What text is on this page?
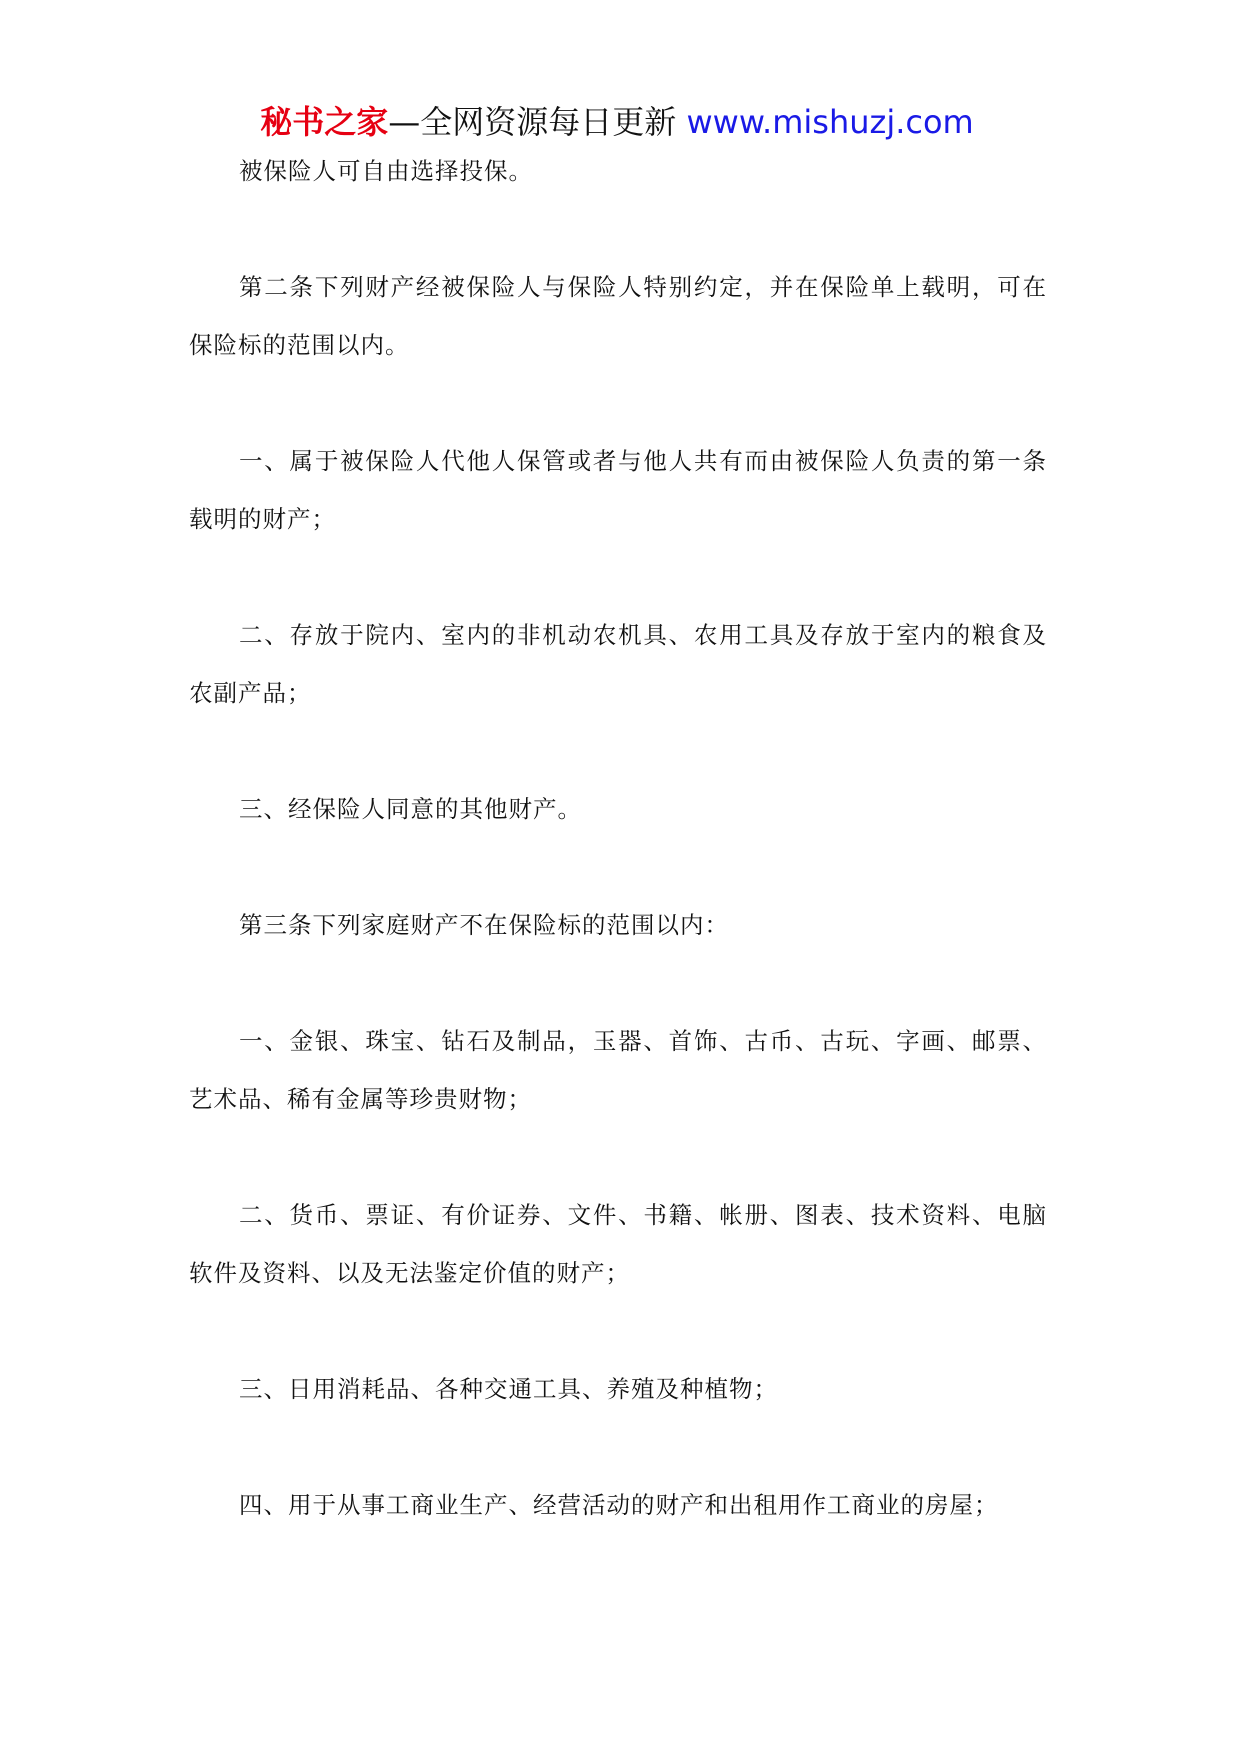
秘书之家—全网资源每日更新 www.mishuzj.com

被保险人可自由选择投保。

第二条下列财产经被保险人与保险人特别约定，并在保险单上载明，可在保险标的范围以内。

一、属于被保险人代他人保管或者与他人共有而由被保险人负责的第一条载明的财产；

二、存放于院内、室内的非机动农机具、农用工具及存放于室内的粮食及农副产品；

三、经保险人同意的其他财产。

第三条下列家庭财产不在保险标的范围以内：

一、金银、珠宝、钻石及制品，玉器、首饰、古币、古玩、字画、邮票、艺术品、稀有金属等珍贵财物；

二、货币、票证、有价证券、文件、书籍、帐册、图表、技术资料、电脑软件及资料、以及无法鉴定价值的财产；

三、日用消耗品、各种交通工具、养殖及种植物；

四、用于从事工商业生产、经营活动的财产和出租用作工商业的房屋；
